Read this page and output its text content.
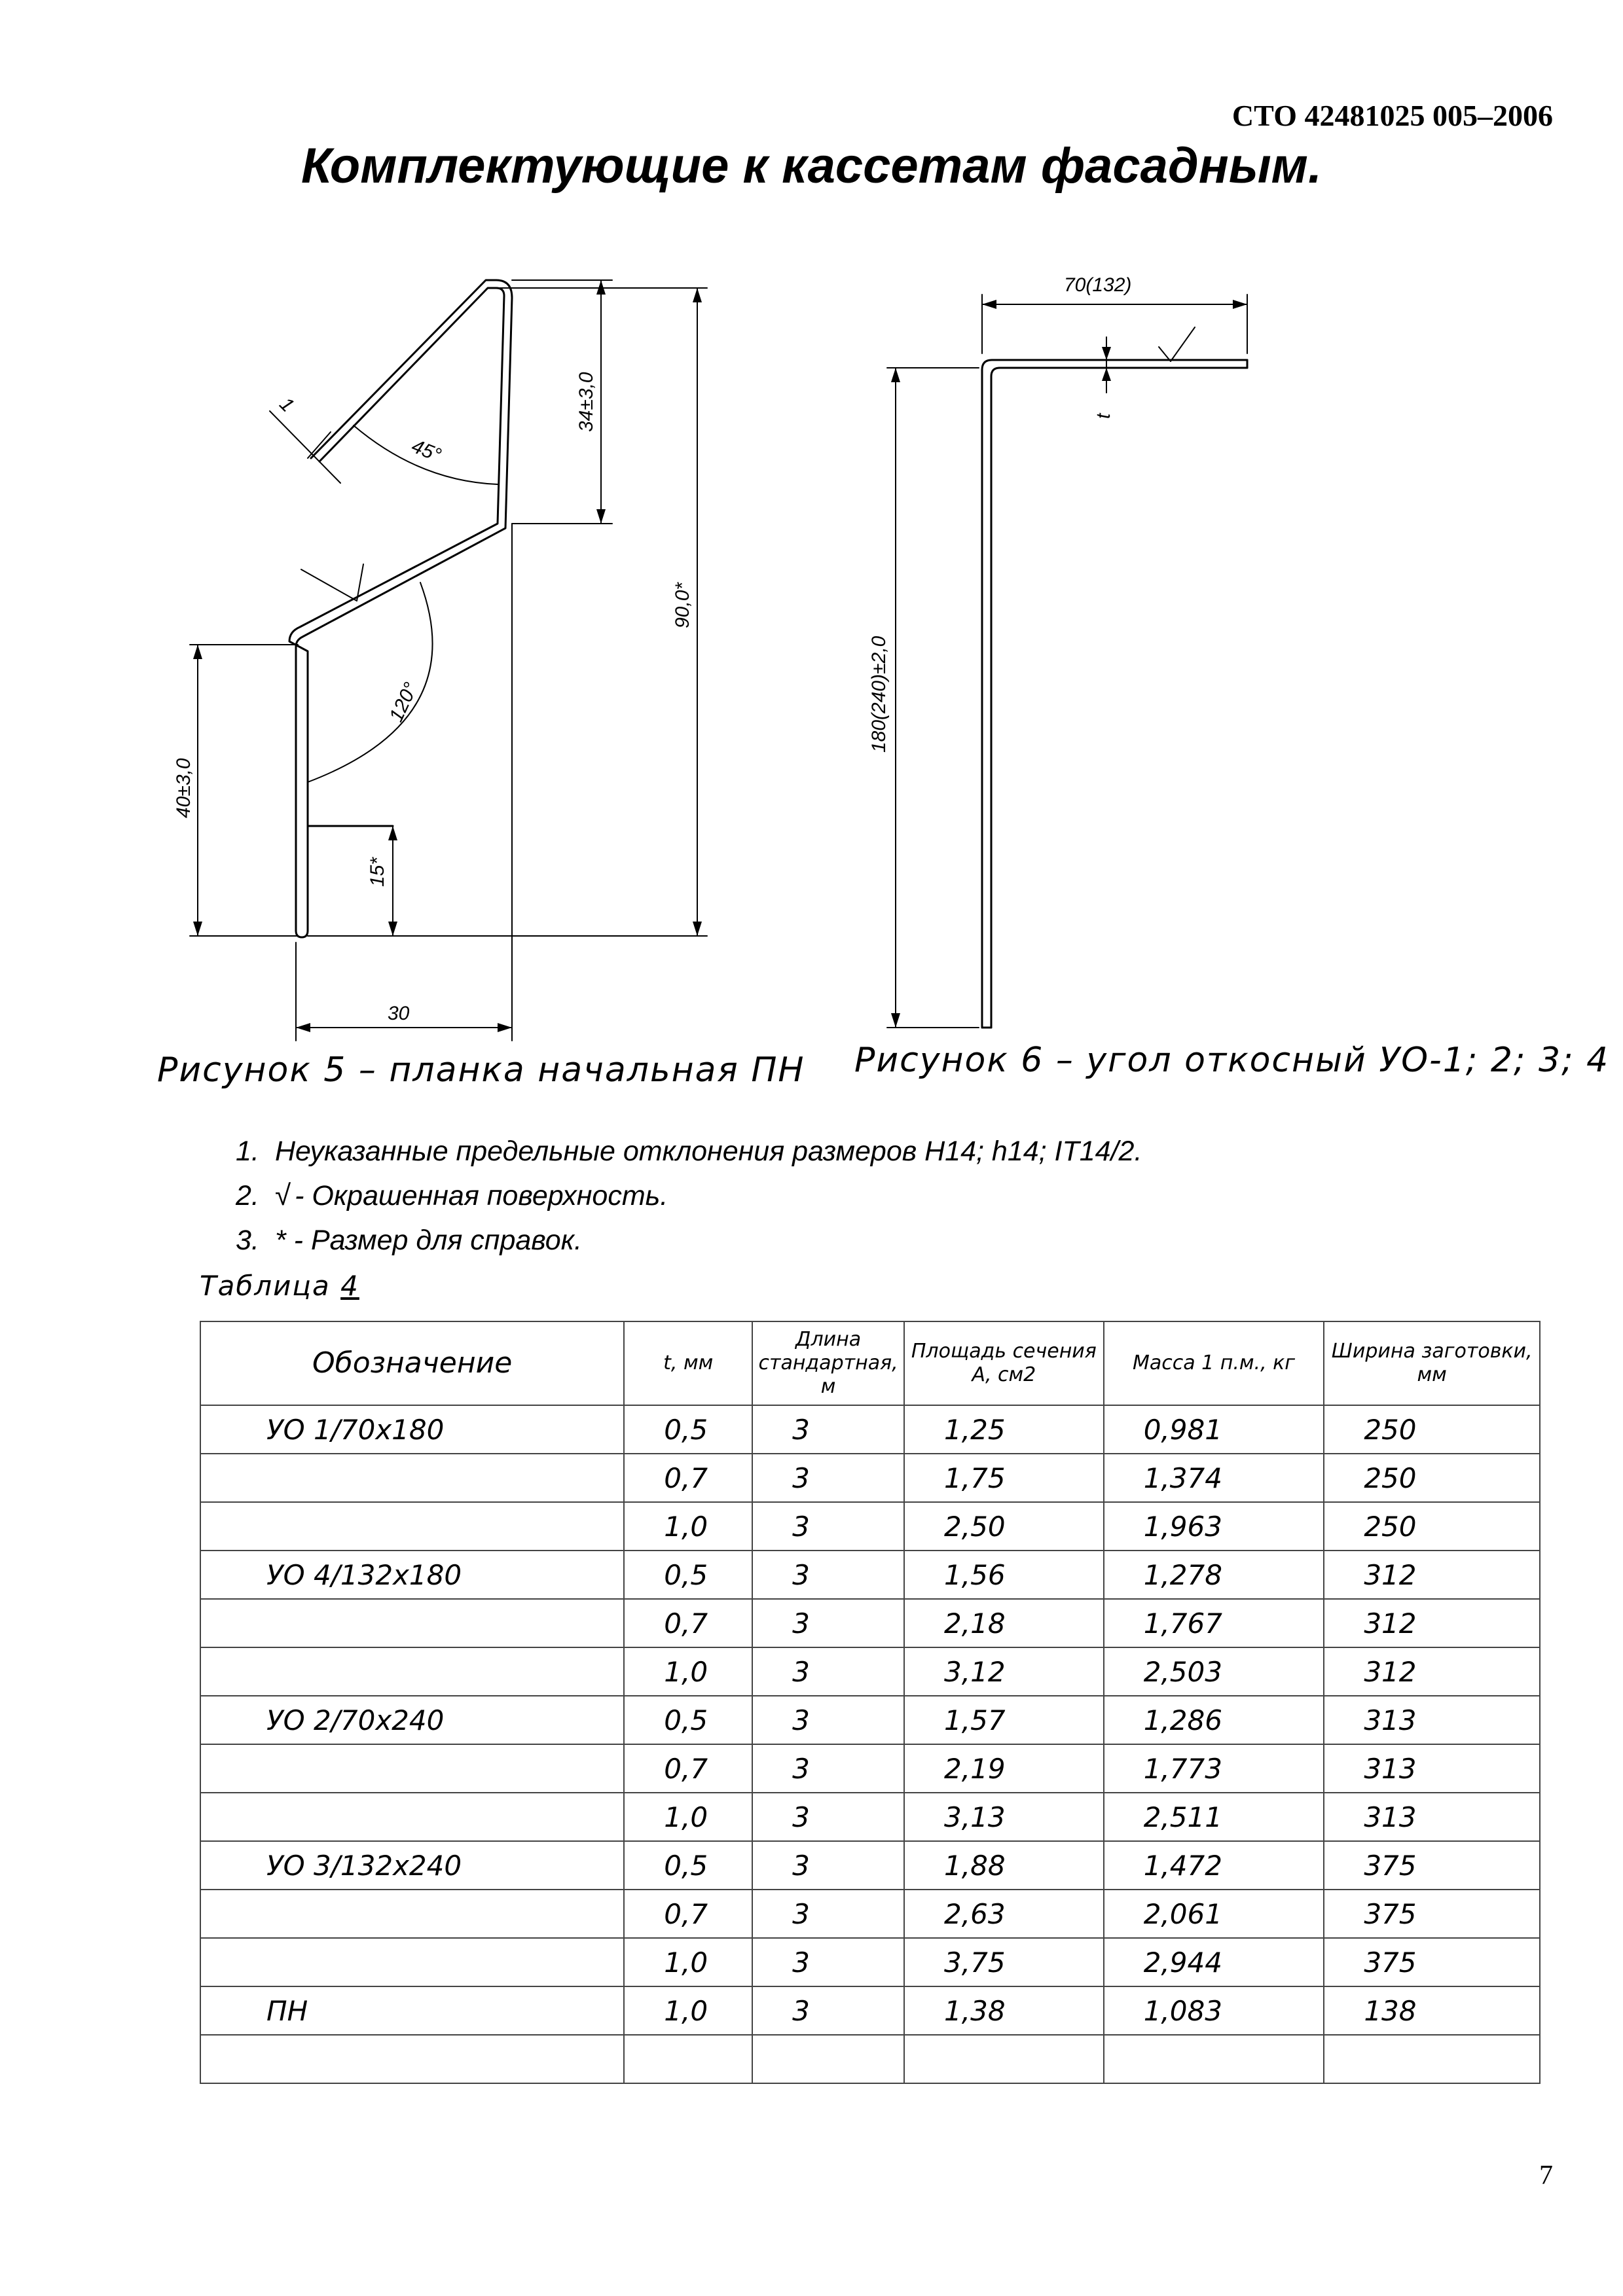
СТО 42481025 005–2006
Комплектующие к кассетам фасадным.
1
45°
34±3,0
90,0*
120°
40±3,0
15*
30
70(132)
t
180(240)±2,0
Рисунок 5 – планка начальная ПН Рисунок 6 – угол откосный УО-1; 2; 3; 4
1. Неуказанные предельные отклонения размеров H14; h14; IT14/2.
2. √ - Окрашенная поверхность.
3. * - Размер для справок.
Таблица 4
Обозначение	t, мм	Длина стандартная, м	Площадь сечения А, см2	Масса 1 п.м., кг	Ширина заготовки, мм
УО 1/70х180	0,5	3	1,25	0,981	250
	0,7	3	1,75	1,374	250
	1,0	3	2,50	1,963	250
УО 4/132х180	0,5	3	1,56	1,278	312
	0,7	3	2,18	1,767	312
	1,0	3	3,12	2,503	312
УО 2/70х240	0,5	3	1,57	1,286	313
	0,7	3	2,19	1,773	313
	1,0	3	3,13	2,511	313
УО 3/132х240	0,5	3	1,88	1,472	375
	0,7	3	2,63	2,061	375
	1,0	3	3,75	2,944	375
ПН	1,0	3	1,38	1,083	138

7
